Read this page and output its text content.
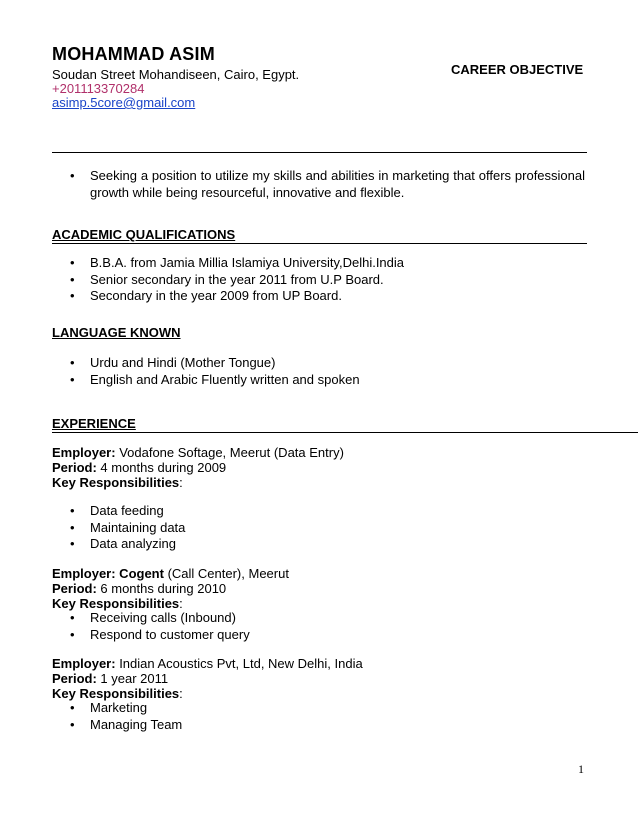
MOHAMMAD ASIM
Soudan Street Mohandiseen, Cairo, Egypt.
+201113370284
asimp.5core@gmail.com
CAREER OBJECTIVE
• Seeking a position to utilize my skills and abilities in marketing that offers professional growth while being resourceful, innovative and flexible.
ACADEMIC QUALIFICATIONS
• B.B.A. from Jamia Millia Islamiya University,Delhi.India
• Senior secondary in the year 2011 from U.P Board.
• Secondary in the year 2009 from UP Board.
LANGUAGE KNOWN
• Urdu and Hindi (Mother Tongue)
• English and Arabic Fluently written and spoken
EXPERIENCE
Employer: Vodafone Softage, Meerut (Data Entry)
Period: 4 months during 2009
Key Responsibilities:
• Data feeding
• Maintaining data
• Data analyzing
Employer: Cogent (Call Center), Meerut
Period: 6 months during 2010
Key Responsibilities:
• Receiving calls (Inbound)
• Respond to customer query
Employer: Indian Acoustics Pvt, Ltd, New Delhi, India
Period: 1 year 2011
Key Responsibilities:
• Marketing
• Managing Team
1
